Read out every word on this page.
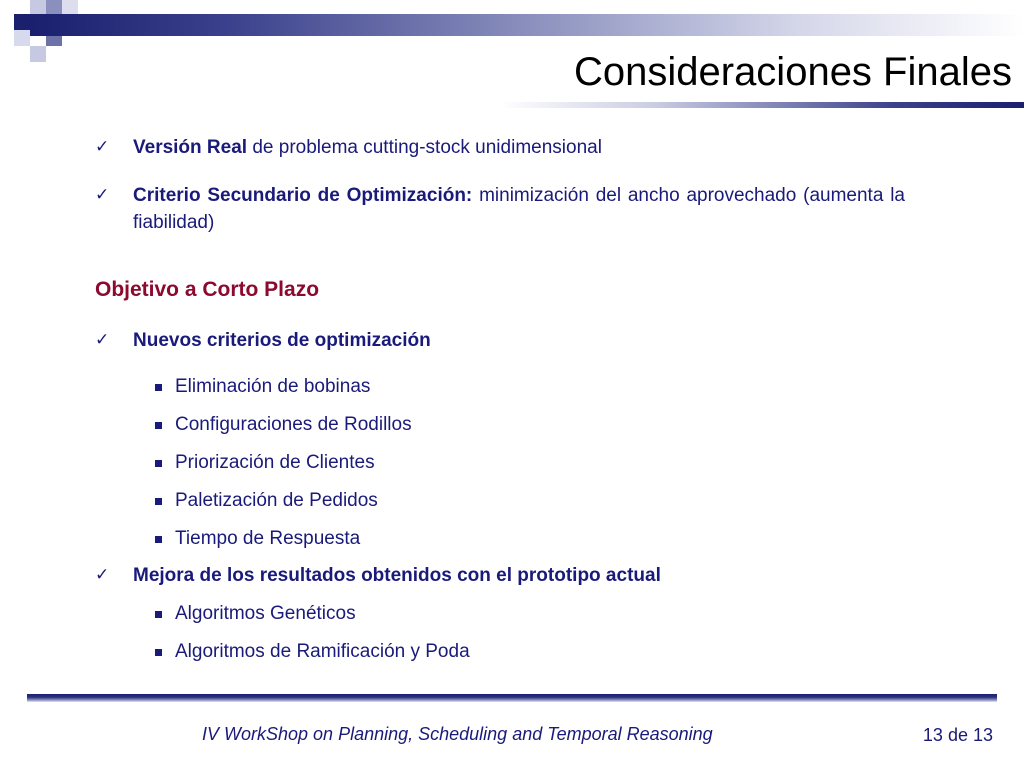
Consideraciones Finales

✓ Versión Real de problema cutting-stock unidimensional

✓ Criterio Secundario de Optimización: minimización del ancho aprovechado (aumenta la fiabilidad)

Objetivo a Corto Plazo

✓ Nuevos criterios de optimización

Eliminación de bobinas

Configuraciones de Rodillos

Priorización de Clientes

Paletización de Pedidos

Tiempo de Respuesta

✓ Mejora de los resultados obtenidos con el prototipo actual

Algoritmos Genéticos

Algoritmos de Ramificación y Poda

IV WorkShop on Planning, Scheduling and Temporal Reasoning	13 de 13
